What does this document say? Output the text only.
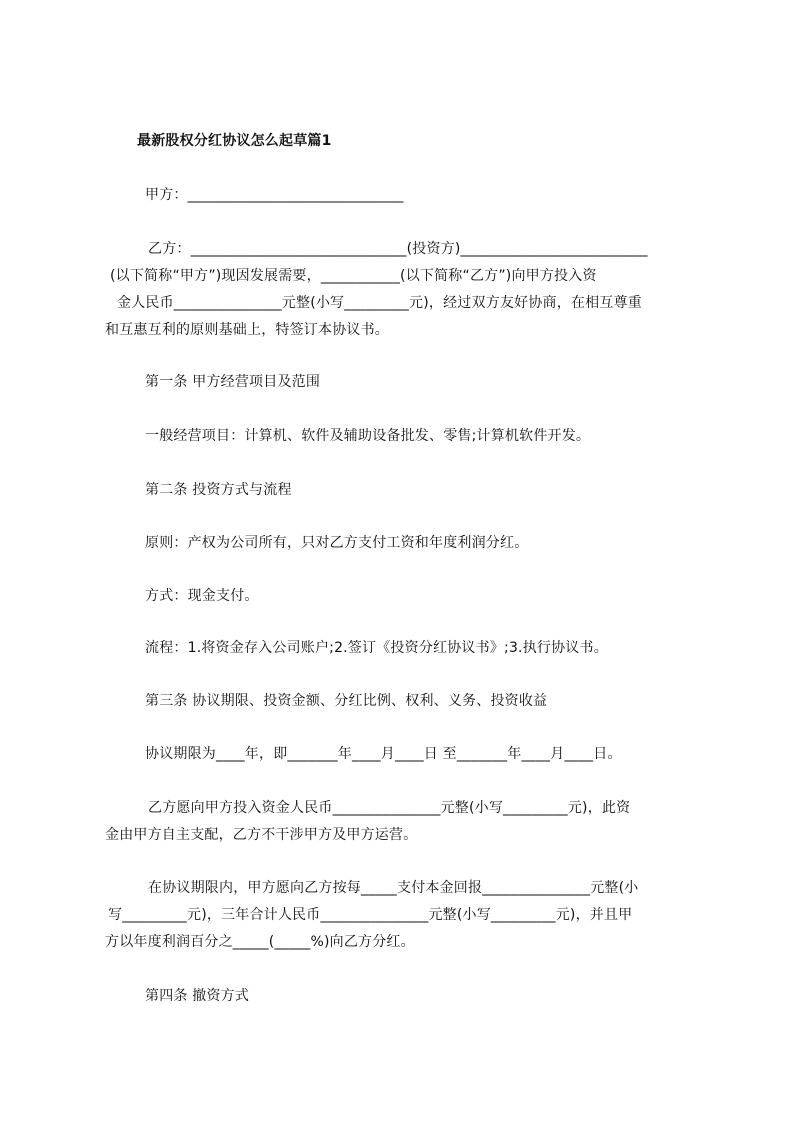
最新股权分红协议怎么起草篇1
甲方：______________________________
乙方：______________________________(投资方)__________________________
(以下简称“甲方”)现因发展需要，___________(以下简称“乙方”)向甲方投入资
金人民币_______________元整(小写_________元)，经过双方友好协商，在相互尊重
和互惠互利的原则基础上，特签订本协议书。
第一条 甲方经营项目及范围
一般经营项目：计算机、软件及辅助设备批发、零售;计算机软件开发。
第二条 投资方式与流程
原则：产权为公司所有，只对乙方支付工资和年度利润分红。
方式：现金支付。
流程：1.将资金存入公司账户;2.签订《投资分红协议书》;3.执行协议书。
第三条 协议期限、投资金额、分红比例、权利、义务、投资收益
协议期限为____年，即_______年____月____日 至_______年____月____日。
乙方愿向甲方投入资金人民币_______________元整(小写_________元)，此资
金由甲方自主支配，乙方不干涉甲方及甲方运营。
在协议期限内，甲方愿向乙方按每_____支付本金回报_______________元整(小
写_________元)，三年合计人民币_______________元整(小写_________元)，并且甲
方以年度利润百分之_____(_____%)向乙方分红。
第四条 撤资方式
